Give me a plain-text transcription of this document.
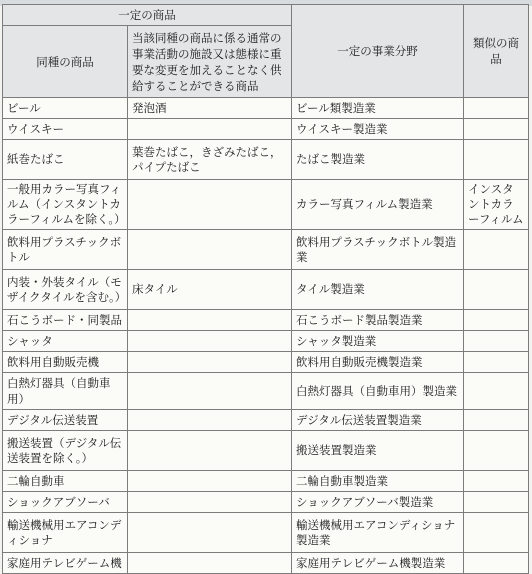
一定の商品		一定の事業分野	類似の商品
同種の商品	当該同種の商品に係る通常の事業活動の施設又は態様に重要な変更を加えることなく供給することができる商品		
ビール	発泡酒	ビール類製造業	
ウイスキー		ウイスキー製造業	
紙巻たばこ	葉巻たばこ，きざみたばこ，パイプたばこ	たばこ製造業	
一般用カラー写真フィルム（インスタントカラーフィルムを除く。）		カラー写真フィルム製造業	インスタントカラーフィルム
飲料用プラスチックボトル		飲料用プラスチックボトル製造業	
内装・外装タイル（モザイクタイルを含む。）	床タイル	タイル製造業	
石こうボード・同製品		石こうボード製品製造業	
シャッタ		シャッタ製造業	
飲料用自動販売機		飲料用自動販売機製造業	
白熱灯器具（自動車用）		白熱灯器具（自動車用）製造業	
デジタル伝送装置		デジタル伝送装置製造業	
搬送装置（デジタル伝送装置を除く。）		搬送装置製造業	
二輪自動車		二輪自動車製造業	
ショックアブソーバ		ショックアブソーバ製造業	
輸送機械用エアコンディショナ		輸送機械用エアコンディショナ製造業	
家庭用テレビゲーム機		家庭用テレビゲーム機製造業	
